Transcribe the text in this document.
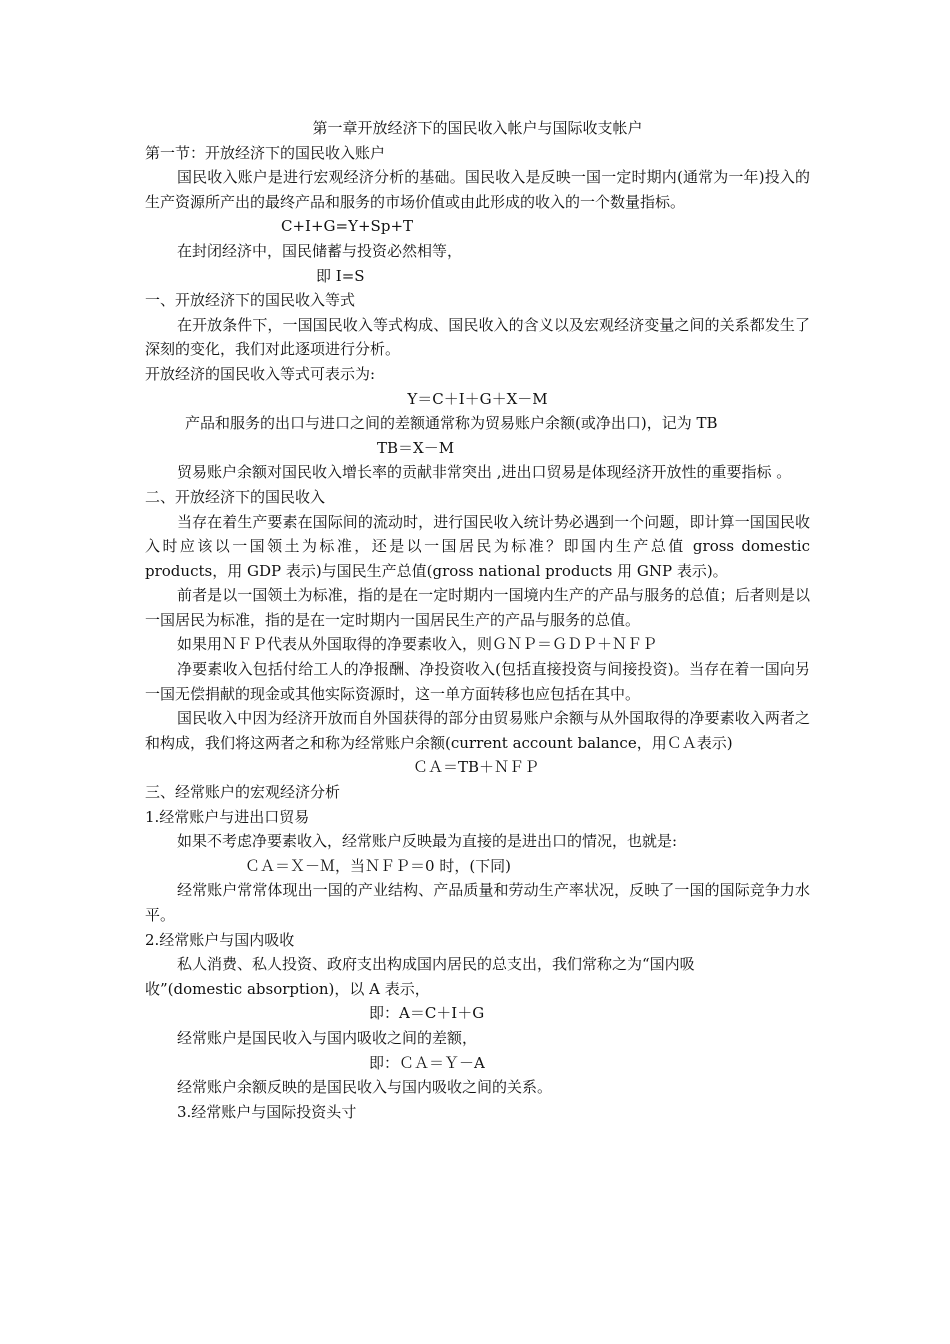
第一章开放经济下的国民收入帐户与国际收支帐户
第一节：开放经济下的国民收入账户
国民收入账户是进行宏观经济分析的基础。国民收入是反映一国一定时期内(通常为一年)投入的生产资源所产出的最终产品和服务的市场价值或由此形成的收入的一个数量指标。
C+I+G=Y+Sp+T
在封闭经济中，国民储蓄与投资必然相等，
即 I=S
一、开放经济下的国民收入等式
在开放条件下，一国国民收入等式构成、国民收入的含义以及宏观经济变量之间的关系都发生了深刻的变化，我们对此逐项进行分析。
开放经济的国民收入等式可表示为:
Y＝C＋I＋G＋X－M
产品和服务的出口与进口之间的差额通常称为贸易账户余额(或净出口)，记为 TB
TB＝X－M
贸易账户余额对国民收入增长率的贡献非常突出 ,进出口贸易是体现经济开放性的重要指标 。
二、开放经济下的国民收入
当存在着生产要素在国际间的流动时，进行国民收入统计势必遇到一个问题，即计算一国国民收入时应该以一国领土为标准，还是以一国居民为标准？即国内生产总值 gross domestic products，用 GDP 表示)与国民生产总值(gross national products 用 GNP 表示)。
前者是以一国领土为标准，指的是在一定时期内一国境内生产的产品与服务的总值；后者则是以一国居民为标准，指的是在一定时期内一国居民生产的产品与服务的总值。
如果用ＮＦＰ代表从外国取得的净要素收入，则ＧＮＰ＝ＧＤＰ＋ＮＦＰ
净要素收入包括付给工人的净报酬、净投资收入(包括直接投资与间接投资)。当存在着一国向另一国无偿捐献的现金或其他实际资源时，这一单方面转移也应包括在其中。
国民收入中因为经济开放而自外国获得的部分由贸易账户余额与从外国取得的净要素收入两者之和构成，我们将这两者之和称为经常账户余额(current account balance，用ＣＡ表示)
ＣＡ＝TB＋ＮＦＰ
三、经常账户的宏观经济分析
1.经常账户与进出口贸易
如果不考虑净要素收入，经常账户反映最为直接的是进出口的情况，也就是:
ＣＡ＝Ｘ－Ｍ，当ＮＦＰ＝0 时，(下同)
经常账户常常体现出一国的产业结构、产品质量和劳动生产率状况，反映了一国的国际竞争力水平。
2.经常账户与国内吸收
私人消费、私人投资、政府支出构成国内居民的总支出，我们常称之为“国内吸
收”(domestic absorption)，以 A 表示，
即：A＝C＋I＋G
经常账户是国民收入与国内吸收之间的差额，
即：ＣＡ＝Ｙ－A
经常账户余额反映的是国民收入与国内吸收之间的关系。
3.经常账户与国际投资头寸
